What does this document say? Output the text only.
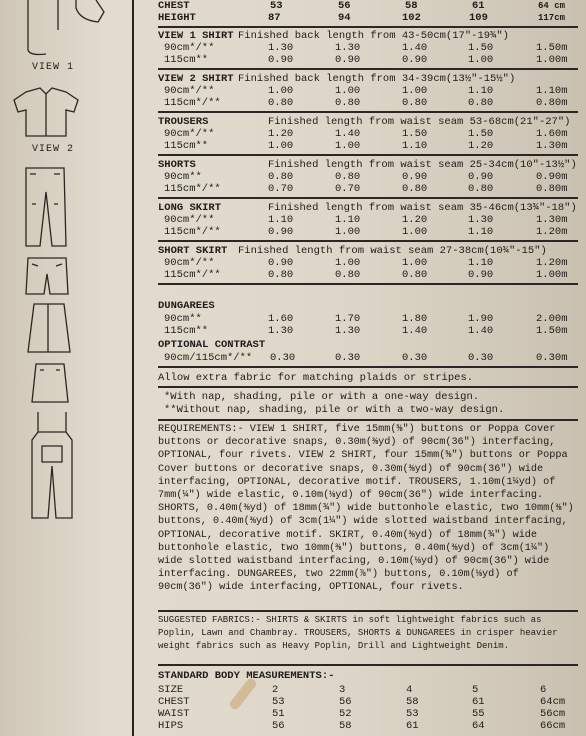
VIEW 1
VIEW 2
CHEST	53	56	58	61	64 cm
HEIGHT	87	94	102	109	117cm
VIEW 1 SHIRT Finished back length from 43-50cm(17"-19¾")
90cm*/**	1.30	1.30	1.40	1.50	1.50m
115cm**	0.90	0.90	0.90	1.00	1.00m
VIEW 2 SHIRT Finished back length from 34-39cm(13½"-15½")
90cm*/**	1.00	1.00	1.00	1.10	1.10m
115cm*/**	0.80	0.80	0.80	0.80	0.80m
TROUSERS	Finished length from waist seam 53-68cm(21"-27")
90cm*/**	1.20	1.40	1.50	1.50	1.60m
115cm**	1.00	1.00	1.10	1.20	1.30m
SHORTS	Finished length from waist seam 25-34cm(10"-13½")
90cm**	0.80	0.80	0.90	0.90	0.90m
115cm*/**	0.70	0.70	0.80	0.80	0.80m
LONG SKIRT	Finished length from waist seam 35-46cm(13¾"-18")
90cm*/**	1.10	1.10	1.20	1.30	1.30m
115cm*/**	0.90	1.00	1.00	1.10	1.20m
SHORT SKIRT Finished length from waist seam 27-38cm(10¾"-15")
90cm*/**	0.90	1.00	1.00	1.10	1.20m
115cm*/**	0.80	0.80	0.80	0.90	1.00m
DUNGAREES
90cm**	1.60	1.70	1.80	1.90	2.00m
115cm**	1.30	1.30	1.40	1.40	1.50m
OPTIONAL CONTRAST
90cm/115cm*/** 0.30	0.30	0.30	0.30	0.30m
Allow extra fabric for matching plaids or stripes.
*With nap, shading, pile or with a one-way design.
**Without nap, shading, pile or with a two-way design.
REQUIREMENTS:- VIEW 1 SHIRT, five 15mm(⅝") buttons or Poppa Cover buttons or decorative snaps, 0.30m(⅜yd) of 90cm(36") interfacing, OPTIONAL, four rivets. VIEW 2 SHIRT, four 15mm(⅝") buttons or Poppa Cover buttons or decorative snaps, 0.30m(⅜yd) of 90cm(36") wide interfacing, OPTIONAL, decorative motif. TROUSERS, 1.10m(1¼yd) of 7mm(¼") wide elastic, 0.10m(⅛yd) of 90cm(36") wide interfacing. SHORTS, 0.40m(⅜yd) of 18mm(¾") wide buttonhole elastic, two 10mm(⅜") buttons, 0.40m(⅜yd) of 3cm(1¼") wide slotted waistband interfacing, OPTIONAL, decorative motif. SKIRT, 0.40m(⅜yd) of 18mm(¾") wide buttonhole elastic, two 10mm(⅜") buttons, 0.40m(⅜yd) of 3cm(1¼") wide slotted waistband interfacing, 0.10m(⅛yd) of 90cm(36") wide interfacing. DUNGAREES, two 22mm(⅞") buttons, 0.10m(⅛yd) of 90cm(36") wide interfacing, OPTIONAL, four rivets.
SUGGESTED FABRICS:- SHIRTS & SKIRTS in soft lightweight fabrics such as Poplin, Lawn and Chambray. TROUSERS, SHORTS & DUNGAREES in crisper heavier weight fabrics such as Heavy Poplin, Drill and Lightweight Denim.
STANDARD BODY MEASUREMENTS:-
SIZE	2	3	4	5	6
CHEST	53	56	58	61	64cm
WAIST	51	52	53	55	56cm
HIPS	56	58	61	64	66cm
